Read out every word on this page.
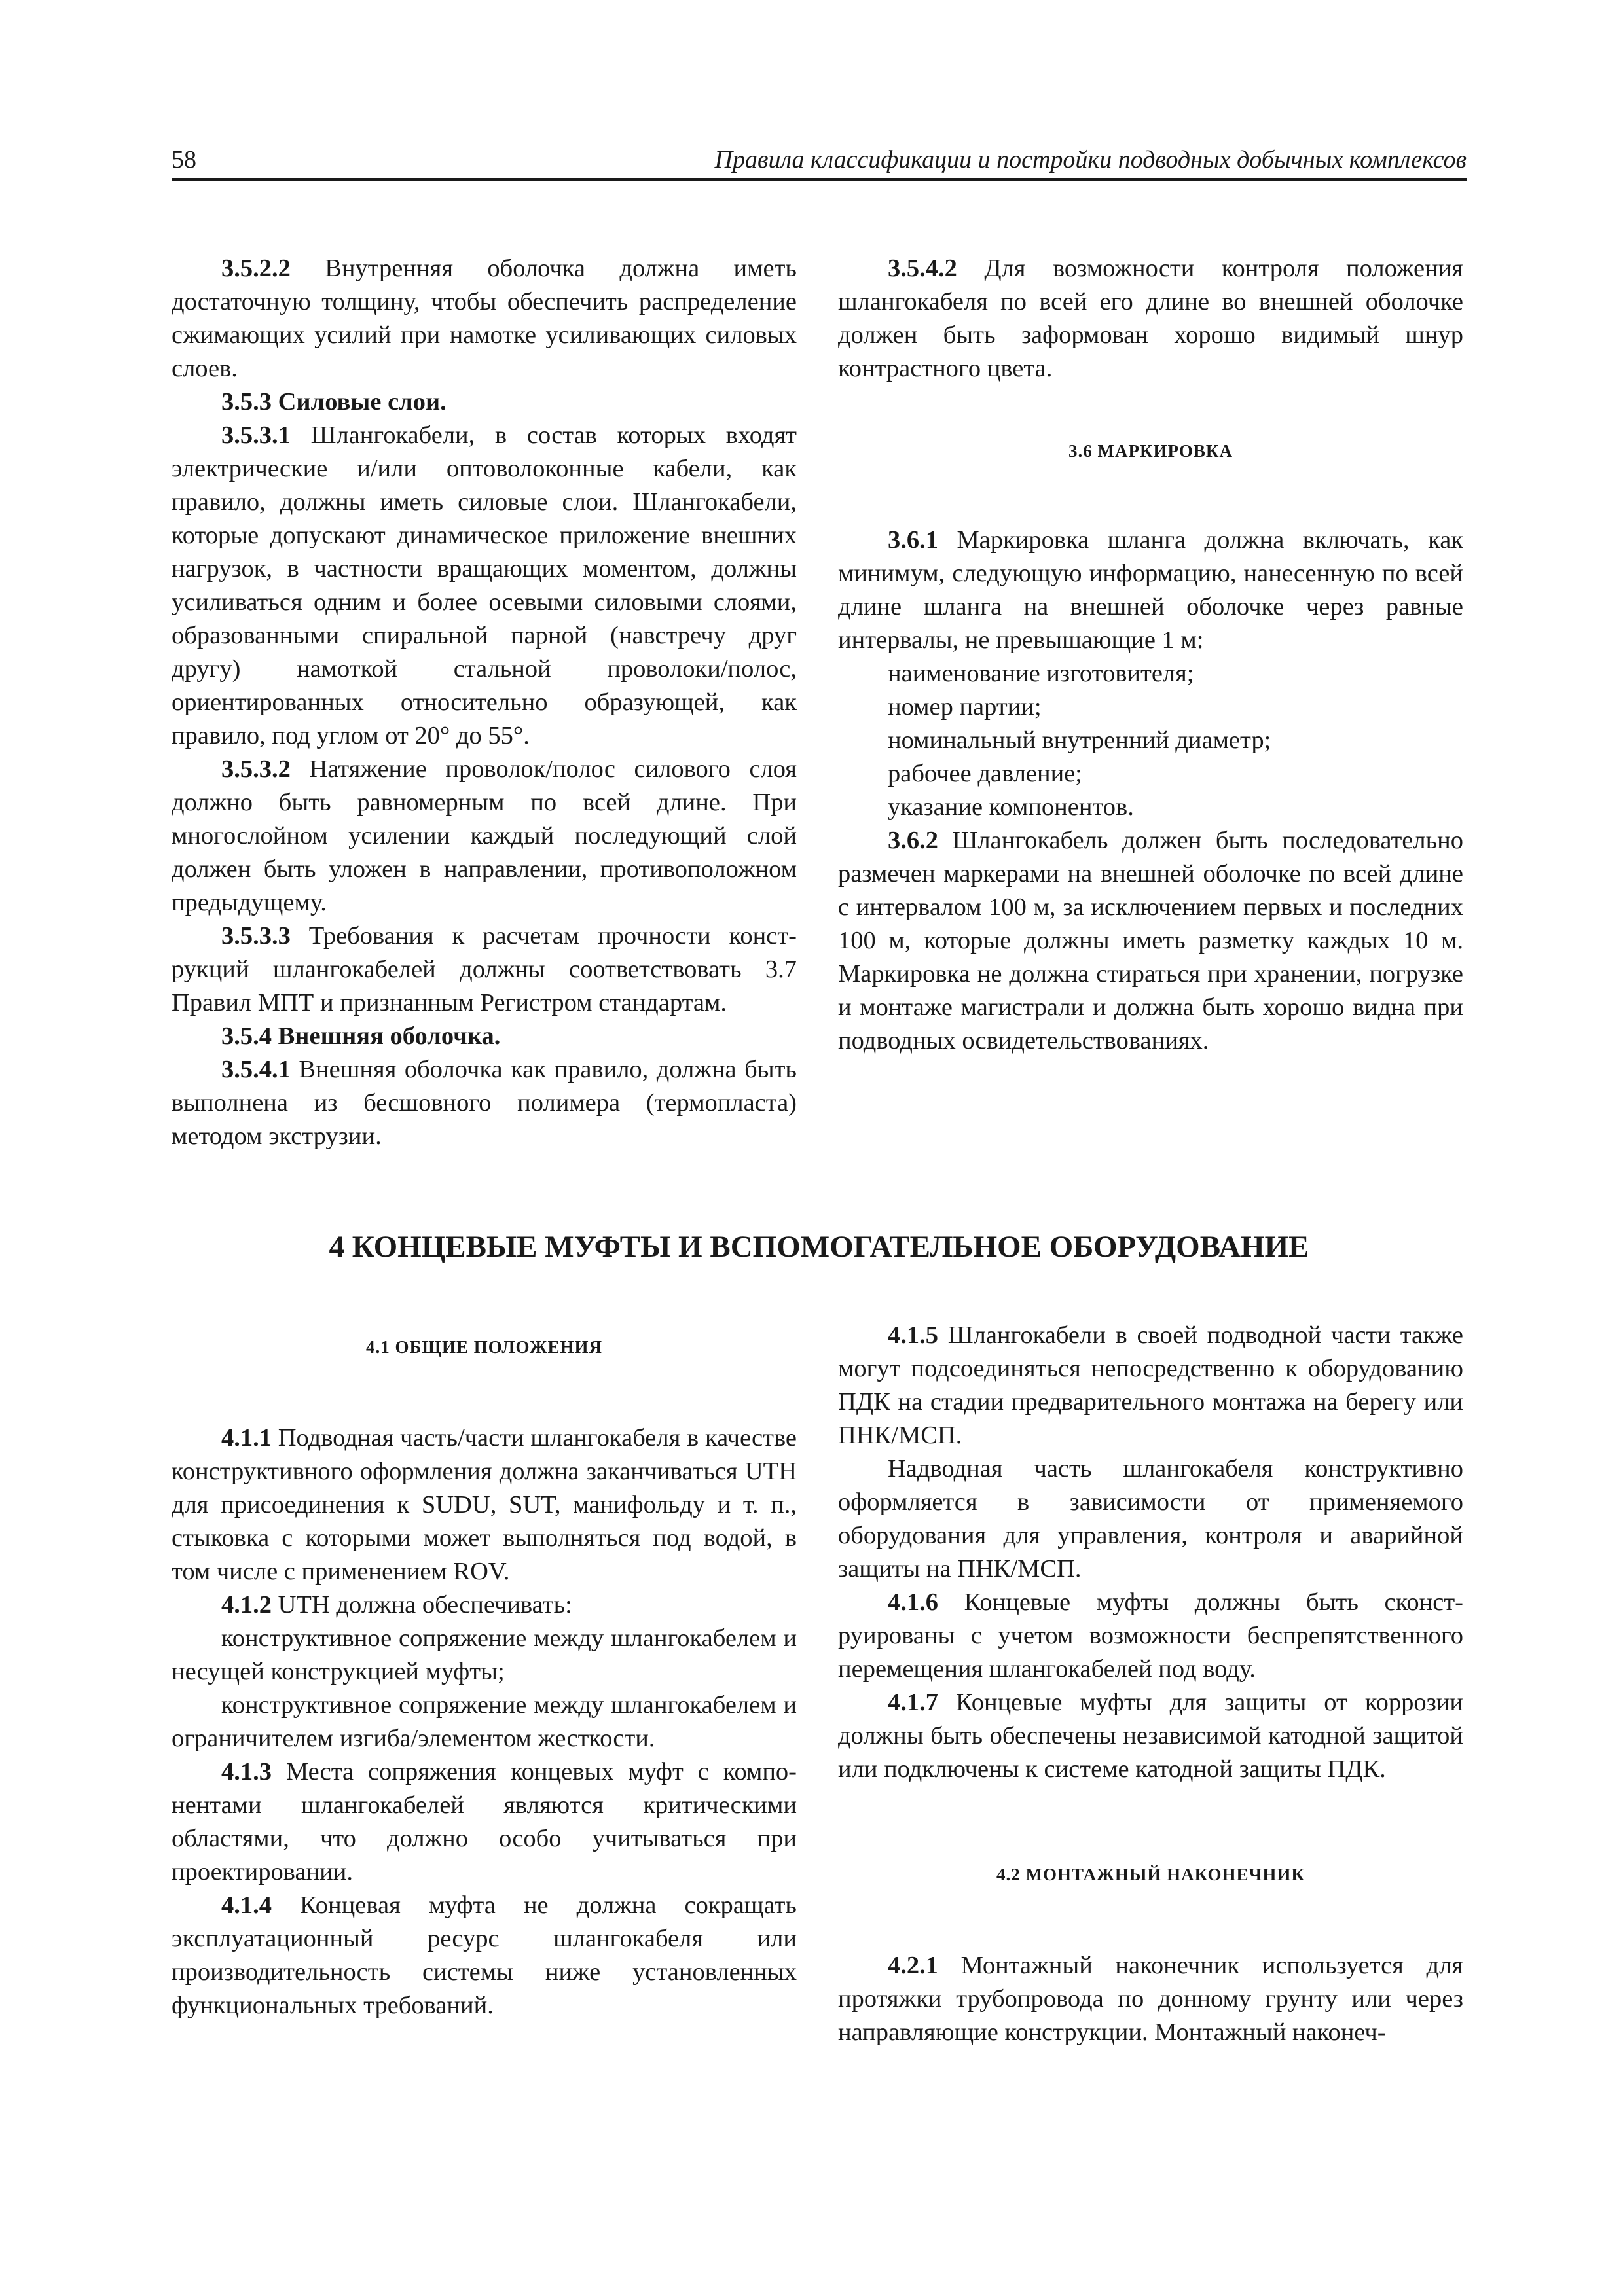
58	Правила классификации и постройки подводных добычных комплексов

3.5.2.2 Внутренняя оболочка должна иметь достаточную толщину, чтобы обеспечить распределение сжимающих усилий при намотке усиливающих силовых слоев.

3.5.3 Силовые слои.

3.5.3.1 Шлангокабели, в состав которых входят электрические и/или оптоволоконные кабели, как правило, должны иметь силовые слои. Шлангокабели, которые допускают динамическое приложение внешних нагрузок, в частности вращающих моментом, должны усиливаться одним и более осевыми силовыми слоями, образованными спиральной парной (навстречу друг другу) намоткой стальной проволоки/полос, ориентированных относительно образующей, как правило, под углом от 20° до 55°.

3.5.3.2 Натяжение проволок/полос силового слоя должно быть равномерным по всей длине. При многослойном усилении каждый последующий слой должен быть уложен в направлении, противоположном предыдущему.

3.5.3.3 Требования к расчетам прочности конструкций шлангокабелей должны соответствовать 3.7 Правил МПТ и признанным Регистром стандартам.

3.5.4 Внешняя оболочка.

3.5.4.1 Внешняя оболочка как правило, должна быть выполнена из бесшовного полимера (термопласта) методом экструзии.

3.5.4.2 Для возможности контроля положения шлангокабеля по всей его длине во внешней оболочке должен быть заформован хорошо видимый шнур контрастного цвета.

3.6 МАРКИРОВКА

3.6.1 Маркировка шланга должна включать, как минимум, следующую информацию, нанесенную по всей длине шланга на внешней оболочке через равные интервалы, не превышающие 1 м:

наименование изготовителя;

номер партии;

номинальный внутренний диаметр;

рабочее давление;

указание компонентов.

3.6.2 Шлангокабель должен быть последовательно размечен маркерами на внешней оболочке по всей длине с интервалом 100 м, за исключением первых и последних 100 м, которые должны иметь разметку каждых 10 м. Маркировка не должна стираться при хранении, погрузке и монтаже магистрали и должна быть хорошо видна при подводных освидетельствованиях.

4 КОНЦЕВЫЕ МУФТЫ И ВСПОМОГАТЕЛЬНОЕ ОБОРУДОВАНИЕ
4.1 ОБЩИЕ ПОЛОЖЕНИЯ

4.1.1 Подводная часть/части шлангокабеля в качестве конструктивного оформления должна заканчиваться UTH для присоединения к SUDU, SUT, манифольду и т. п., стыковка с которыми может выполняться под водой, в том числе с применением ROV.

4.1.2 UTH должна обеспечивать:

конструктивное сопряжение между шлангокабелем и несущей конструкцией муфты;

конструктивное сопряжение между шлангокабелем и ограничителем изгиба/элементом жесткости.

4.1.3 Места сопряжения концевых муфт с компонентами шлангокабелей являются критическими областями, что должно особо учитываться при проектировании.

4.1.4 Концевая муфта не должна сокращать эксплуатационный ресурс шлангокабеля или производительность системы ниже установленных функциональных требований.

4.1.5 Шлангокабели в своей подводной части также могут подсоединяться непосредственно к оборудованию ПДК на стадии предварительного монтажа на берегу или ПНК/МСП.

Надводная часть шлангокабеля конструктивно оформляется в зависимости от применяемого оборудования для управления, контроля и аварийной защиты на ПНК/МСП.

4.1.6 Концевые муфты должны быть сконструированы с учетом возможности беспрепятственного перемещения шлангокабелей под воду.

4.1.7 Концевые муфты для защиты от коррозии должны быть обеспечены независимой катодной защитой или подключены к системе катодной защиты ПДК.

4.2 МОНТАЖНЫЙ НАКОНЕЧНИК

4.2.1 Монтажный наконечник используется для протяжки трубопровода по донному грунту или через направляющие конструкции. Монтажный наконеч-
